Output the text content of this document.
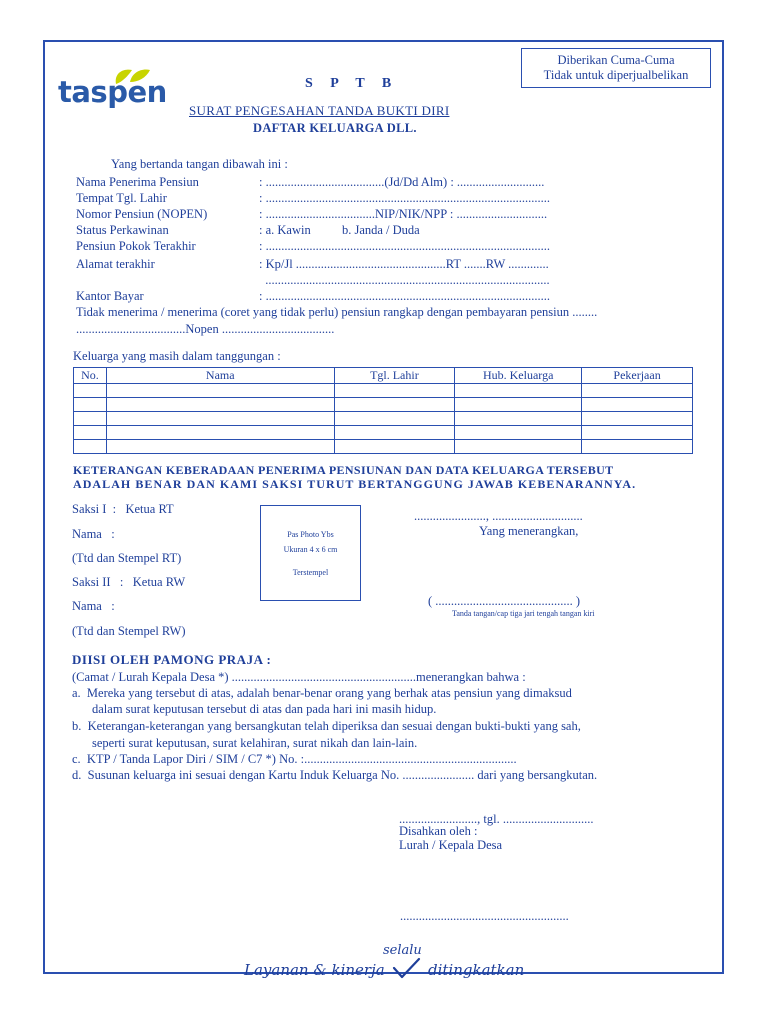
Diberikan Cuma-Cuma
Tidak untuk diperjualbelikan
taspen	S P T B
SURAT PENGESAHAN TANDA BUKTI DIRI
DAFTAR KELUARGA DLL.
Yang bertanda tangan dibawah ini :
Nama Penerima Pensiun	: ......................................(Jd/Dd Alm) : ............................
Tempat Tgl. Lahir	: ...........................................................................................
Nomor Pensiun (NOPEN)	: ...................................NIP/NIK/NPP : .............................
Status Perkawinan	: a. Kawin          b. Janda / Duda
Pensiun Pokok Terakhir	: ...........................................................................................
Alamat terakhir	: Kp/Jl ................................................RT .......RW .............
...........................................................................................
Kantor Bayar	: ...........................................................................................
Tidak menerima / menerima (coret yang tidak perlu) pensiun rangkap dengan pembayaran pensiun ........
...................................Nopen ....................................
Keluarga yang masih dalam tanggungan :
No.	Nama	Tgl. Lahir	Hub. Keluarga	Pekerjaan

KETERANGAN KEBERADAAN PENERIMA PENSIUNAN DAN DATA KELUARGA TERSEBUT
ADALAH BENAR DAN KAMI SAKSI TURUT BERTANGGUNG JAWAB KEBENARANNYA.
Saksi I  :   Ketua RT
Nama   :
(Ttd dan Stempel RT)
Saksi II   :   Ketua RW
Nama   :
(Ttd dan Stempel RW)
Pas Photo Ybs
Ukuran 4 x 6 cm
Terstempel
......................., .............................
Yang menerangkan,
( ............................................ )
Tanda tangan/cap tiga jari tengah tangan kiri
DIISI OLEH PAMONG PRAJA :
(Camat / Lurah Kepala Desa *) ...........................................................menerangkan bahwa :
a.  Mereka yang tersebut di atas, adalah benar-benar orang yang berhak atas pensiun yang dimaksud
dalam surat keputusan tersebut di atas dan pada hari ini masih hidup.
b.  Keterangan-keterangan yang bersangkutan telah diperiksa dan sesuai dengan bukti-bukti yang sah,
seperti surat keputusan, surat kelahiran, surat nikah dan lain-lain.
c.  KTP / Tanda Lapor Diri / SIM / C7 *) No. :....................................................................
d.  Susunan keluarga ini sesuai dengan Kartu Induk Keluarga No. ....................... dari yang bersangkutan.
........................., tgl. .............................
Disahkan oleh :
Lurah / Kepala Desa
......................................................
Layanan & kinerja
selalu
ditingkatkan
